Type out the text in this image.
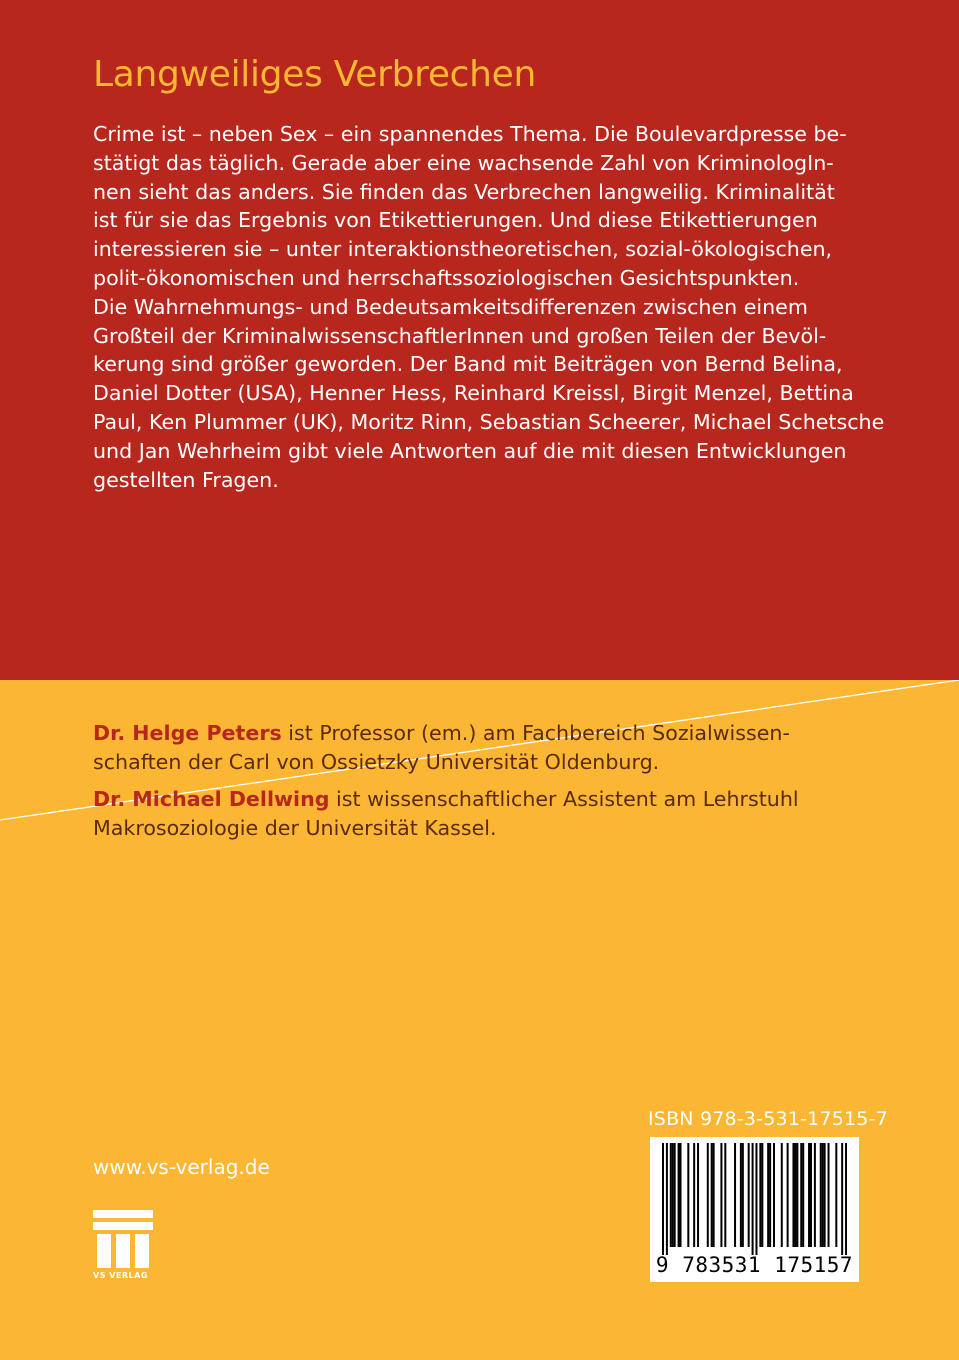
Langweiliges Verbrechen
Crime ist – neben Sex – ein spannendes Thema. Die Boulevardpresse be-
stätigt das täglich. Gerade aber eine wachsende Zahl von KriminologIn-
nen sieht das anders. Sie finden das Verbrechen langweilig. Kriminalität
ist für sie das Ergebnis von Etikettierungen. Und diese Etikettierungen
interessieren sie – unter interaktionstheoretischen, sozial-ökologischen,
polit-ökonomischen und herrschaftssoziologischen Gesichtspunkten.
Die Wahrnehmungs- und Bedeutsamkeitsdifferenzen zwischen einem
Großteil der KriminalwissenschaftlerInnen und großen Teilen der Bevöl-
kerung sind größer geworden. Der Band mit Beiträgen von Bernd Belina,
Daniel Dotter (USA), Henner Hess, Reinhard Kreissl, Birgit Menzel, Bettina
Paul, Ken Plummer (UK), Moritz Rinn, Sebastian Scheerer, Michael Schetsche
und Jan Wehrheim gibt viele Antworten auf die mit diesen Entwicklungen
gestellten Fragen.
Dr. Helge Peters ist Professor (em.) am Fachbereich Sozialwissen-
schaften der Carl von Ossietzky Universität Oldenburg.
Dr. Michael Dellwing ist wissenschaftlicher Assistent am Lehrstuhl
Makrosoziologie der Universität Kassel.
www.vs-verlag.de
VS VERLAG
ISBN 978-3-531-17515-7
9 783531 175157
